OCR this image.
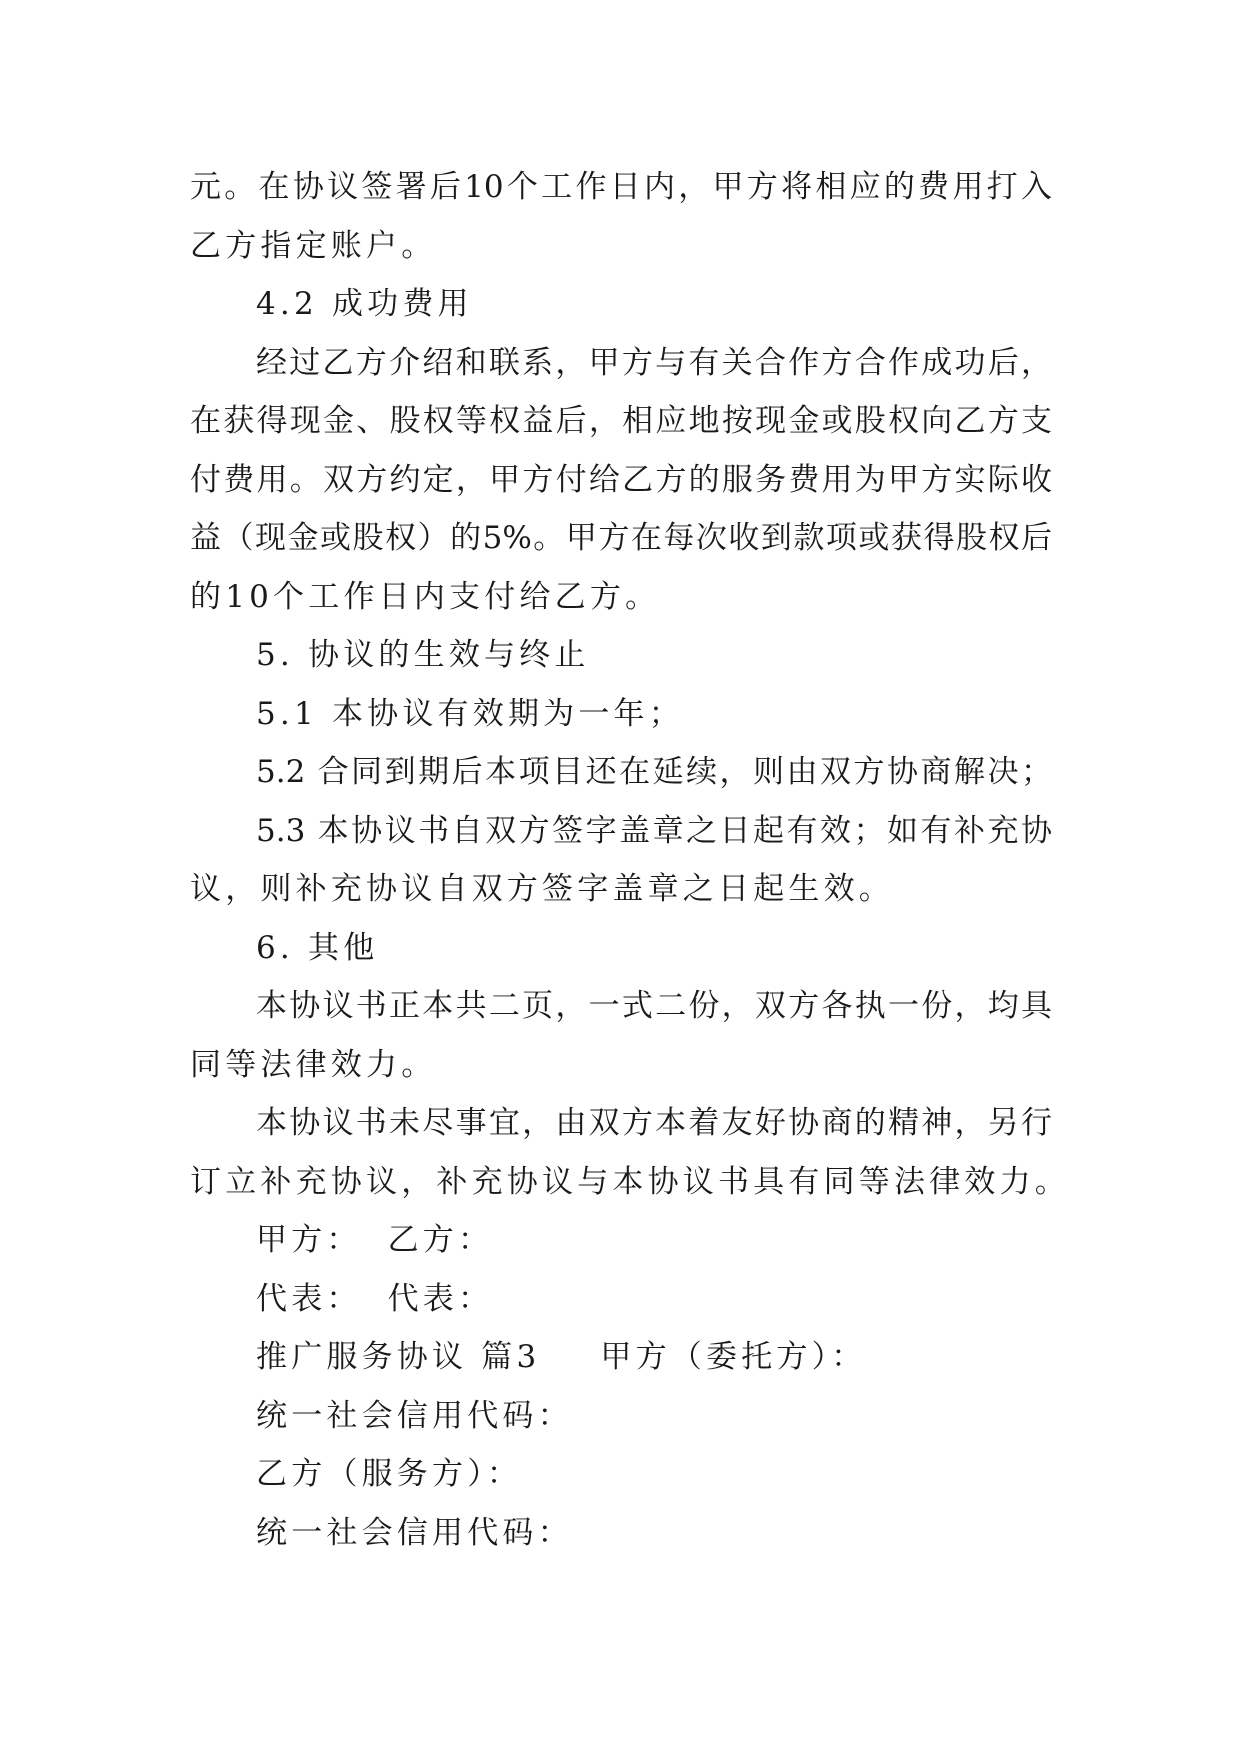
元。在协议签署后10个工作日内，甲方将相应的费用打入
乙方指定账户。
4.2 成功费用
经过乙方介绍和联系，甲方与有关合作方合作成功后，
在获得现金、股权等权益后，相应地按现金或股权向乙方支
付费用。双方约定，甲方付给乙方的服务费用为甲方实际收
益（现金或股权）的5%。甲方在每次收到款项或获得股权后
的10个工作日内支付给乙方。
5. 协议的生效与终止
5.1 本协议有效期为一年；
5.2 合同到期后本项目还在延续，则由双方协商解决；
5.3 本协议书自双方签字盖章之日起有效；如有补充协
议，则补充协议自双方签字盖章之日起生效。
6. 其他
本协议书正本共二页，一式二份，双方各执一份，均具
同等法律效力。
本协议书未尽事宜，由双方本着友好协商的精神，另行
订立补充协议，补充协议与本协议书具有同等法律效力。
甲方： 乙方：
代表： 代表：
推广服务协议 篇3 甲方（委托方）：
统一社会信用代码：
乙方（服务方）：
统一社会信用代码：
